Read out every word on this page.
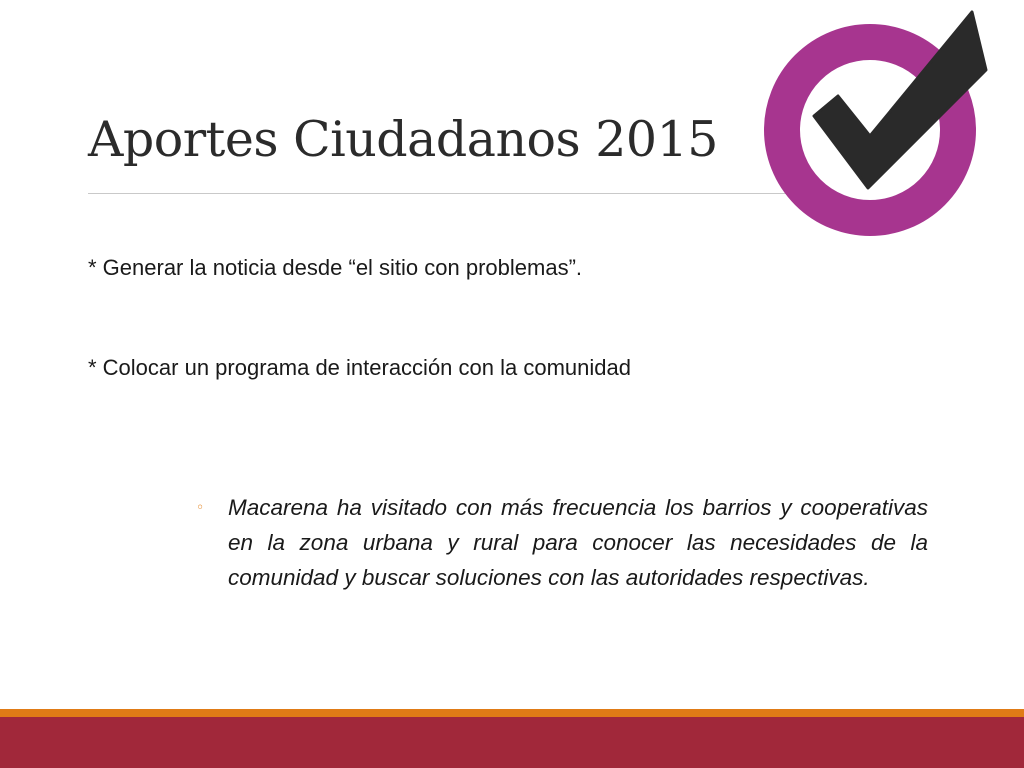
Aportes Ciudadanos 2015

* Generar la noticia desde “el sitio con problemas”.

* Colocar un programa de interacción con la comunidad

◦	Macarena ha visitado con más frecuencia los barrios y cooperativas en la zona urbana y rural para conocer las necesidades de la comunidad y buscar soluciones con las autoridades respectivas.
